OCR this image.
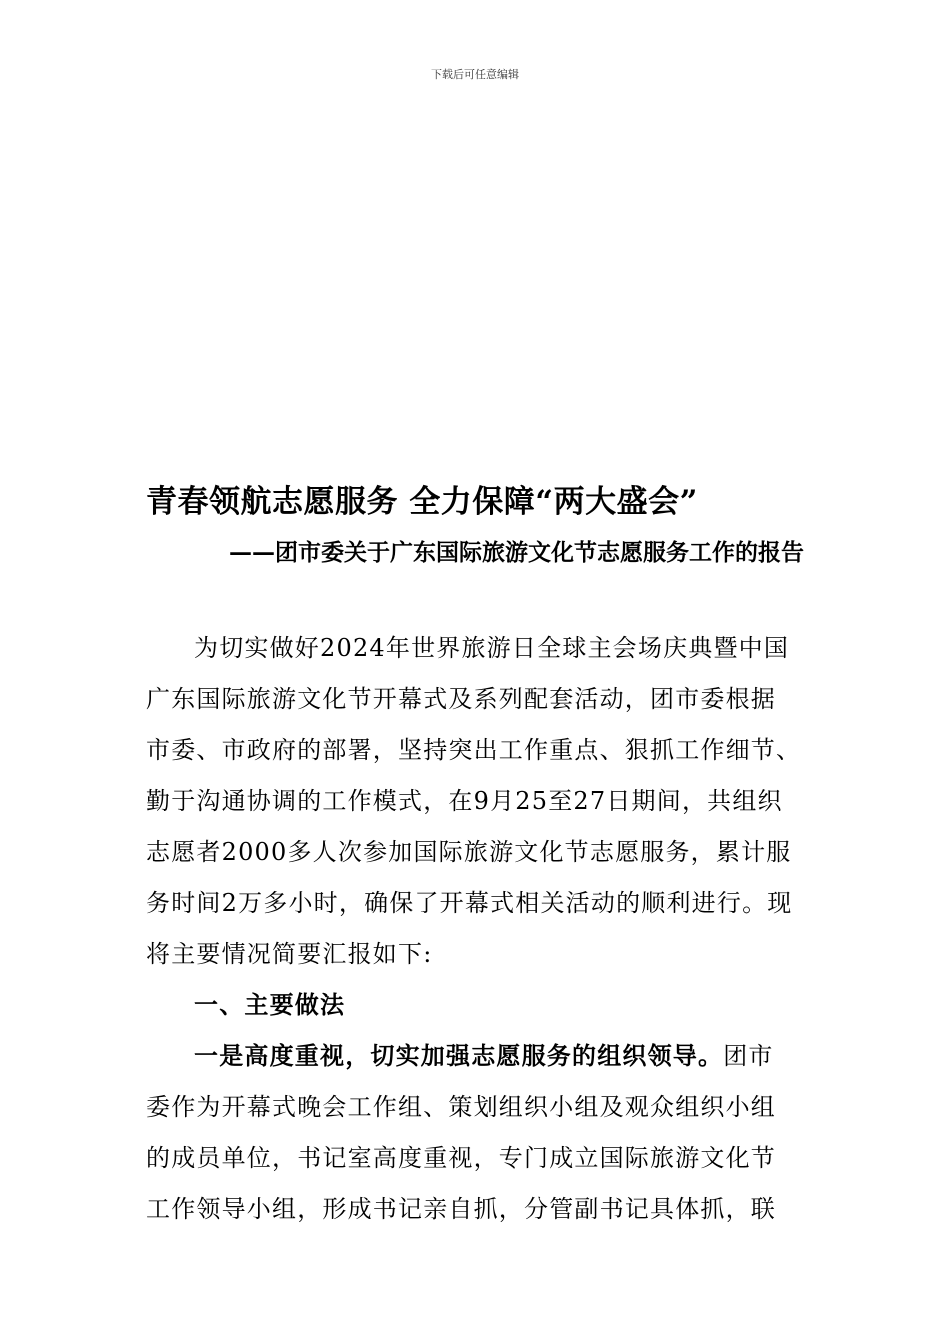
下载后可任意编辑
青春领航志愿服务 全力保障“两大盛会”
——团市委关于广东国际旅游文化节志愿服务工作的报告
为切实做好2024年世界旅游日全球主会场庆典暨中国
广东国际旅游文化节开幕式及系列配套活动，团市委根据
市委、市政府的部署，坚持突出工作重点、狠抓工作细节、
勤于沟通协调的工作模式，在9月25至27日期间，共组织
志愿者2000多人次参加国际旅游文化节志愿服务，累计服
务时间2万多小时，确保了开幕式相关活动的顺利进行。现
将主要情况简要汇报如下:
一、主要做法
一是高度重视，切实加强志愿服务的组织领导。团市
委作为开幕式晚会工作组、策划组织小组及观众组织小组
的成员单位，书记室高度重视，专门成立国际旅游文化节
工作领导小组，形成书记亲自抓，分管副书记具体抓，联
